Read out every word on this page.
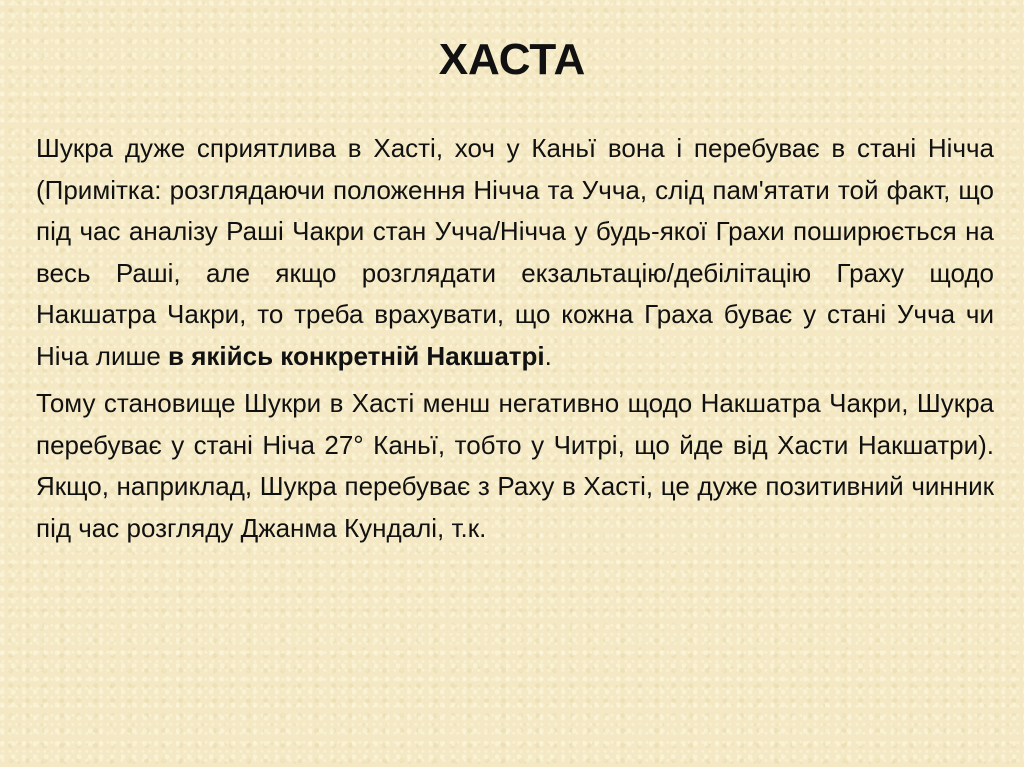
ХАСТА

Шукра дуже сприятлива в Хасті, хоч у Каньї вона і перебуває в стані Нічча (Примітка: розглядаючи положення Нічча та Учча, слід пам'ятати той факт, що під час аналізу Раші Чакри стан Учча/Нічча у будь-якої Грахи поширюється на весь Раші, але якщо розглядати екзальтацію/дебілітацію Граху щодо Накшатра Чакри, то треба врахувати, що кожна Граха буває у стані Учча чи Ніча лише в якійсь конкретній Накшатрі.

Тому становище Шукри в Хасті менш негативно щодо Накшатра Чакри, Шукра перебуває у стані Ніча 27° Каньї, тобто у Читрі, що йде від Хасти Накшатри). Якщо, наприклад, Шукра перебуває з Раху в Хасті, це дуже позитивний чинник під час розгляду Джанма Кундалі, т.к.
